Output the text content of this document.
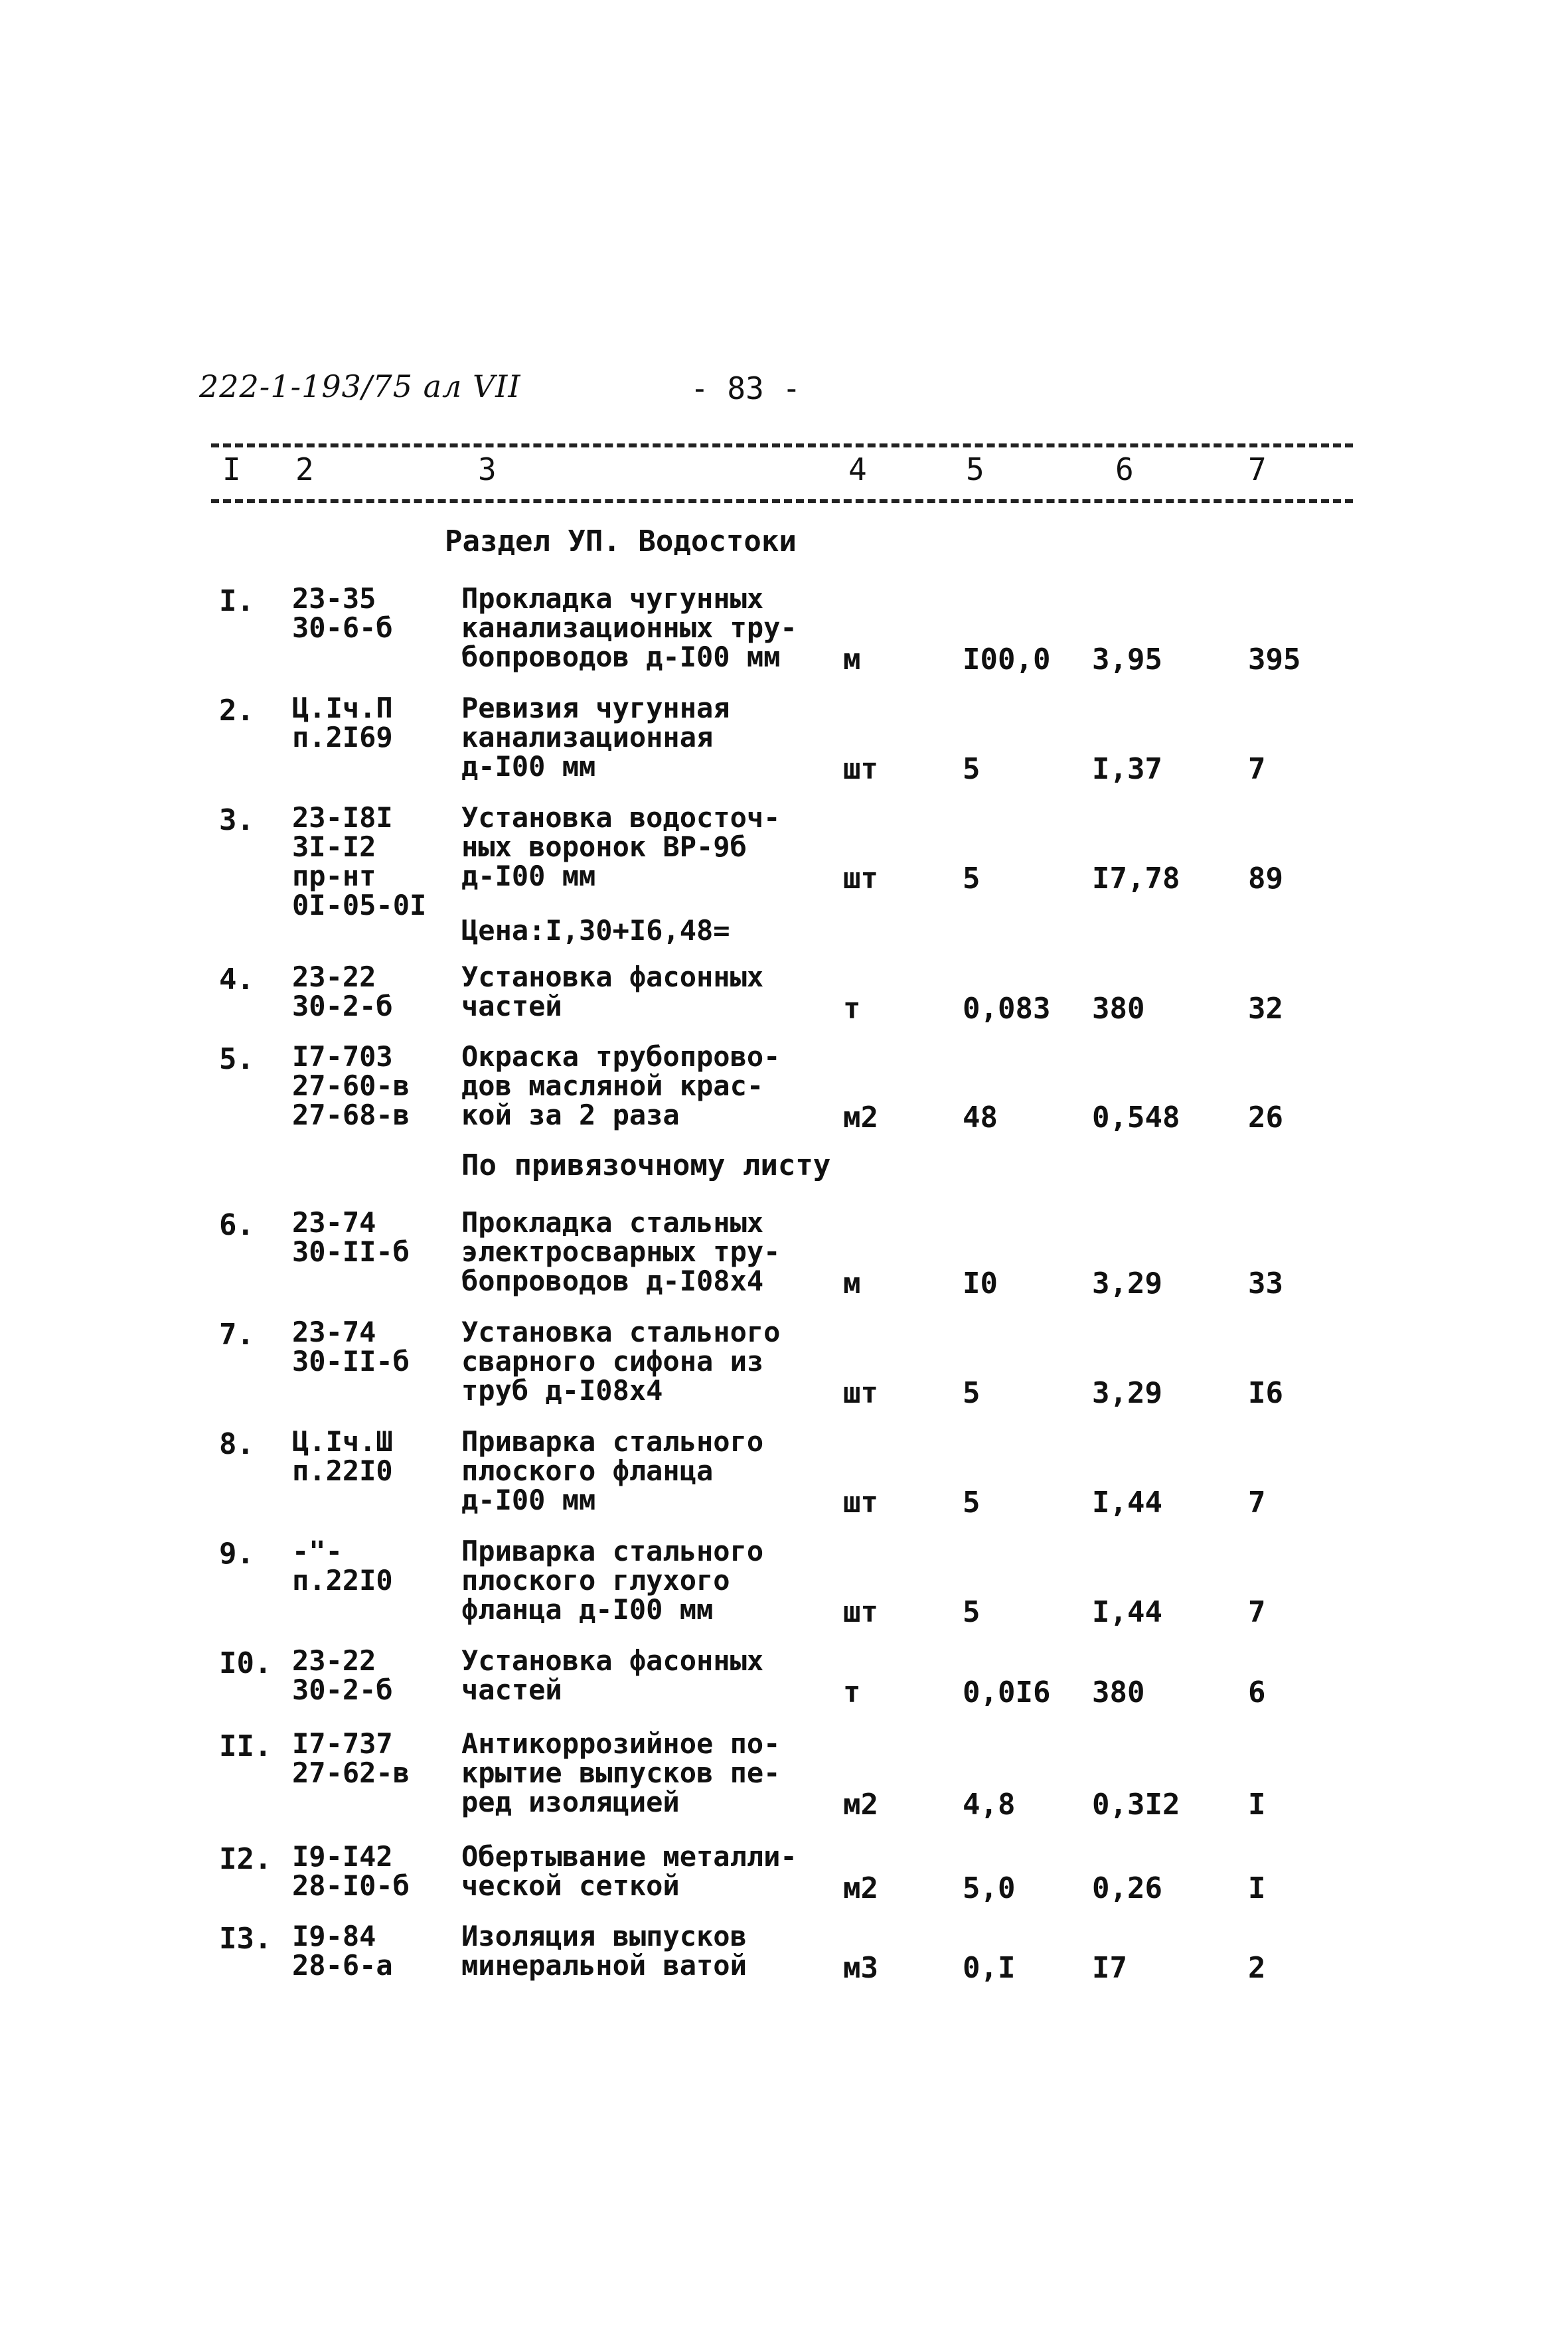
222-1-193/75 ал VII	- 83 -
I 2	3	4	5	6	7
Раздел УП. Водостоки
I. 23-35
30-6-б
Прокладка чугунных
канализационных тру-
бопроводов д-I00 мм	м	I00,0 3,95	395
2. Ц.Iч.П
п.2I69
Ревизия чугунная
канализационная
д-I00 мм	шт	5	I,37	7
3. 23-I8I
3I-I2
пр-нт
0I-05-0I
Установка водосточ-
ных воронок ВР-9б
д-I00 мм	шт	5	I7,78 89
4. 23-22
30-2-б
Установка фасонных
частей	т	0,083 380	32
5. I7-703
27-60-в
27-68-в
Окраска трубопрово-
дов масляной крас-
кой за 2 раза	м2	48	0,548 26
6. 23-74
30-II-б
Прокладка стальных
электросварных тру-
бопроводов д-I08х4	м	I0	3,29	33
7. 23-74
30-II-б
Установка стального
сварного сифона из
труб д-I08х4	шт	5	3,29	I6
8. Ц.Iч.Ш
п.22I0
Приварка стального
плоского фланца
д-I00 мм	шт	5	I,44	7
9. -"-
п.22I0
Приварка стального
плоского глухого
фланца д-I00 мм	шт	5	I,44	7
I0. 23-22
30-2-б
Установка фасонных
частей	т	0,0I6 380	6
II. I7-737
27-62-в
Антикоррозийное по-
крытие выпусков пе-
ред изоляцией	м2	4,8	0,3I2 I
I2. I9-I42
28-I0-б
Обертывание металли-
ческой сеткой	м2	5,0	0,26	I
I3. I9-84
28-6-а
Изоляция выпусков
минеральной ватой	м3	0,I	I7	2
Цена:I,30+I6,48=
По привязочному листу
